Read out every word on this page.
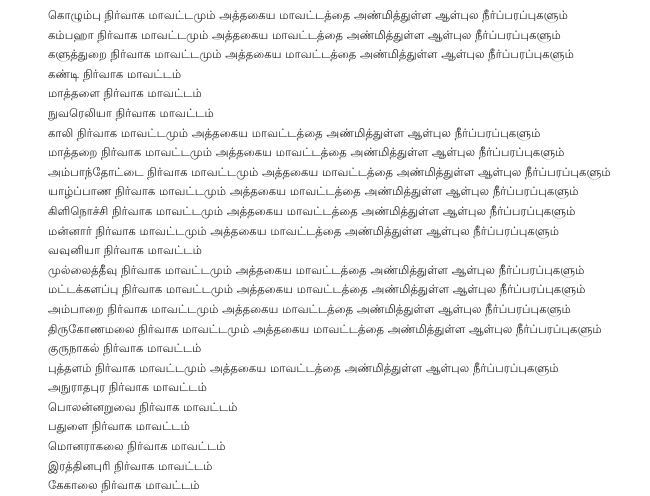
கொழும்பு நிர்வாக மாவட்டமும் அத்தகைய மாவட்டத்தை அண்மித்துள்ள ஆள்புல நீர்ப்பரப்புகளும்
கம்பஹா நிர்வாக மாவட்டமும் அத்தகைய மாவட்டத்தை அண்மித்துள்ள ஆள்புல நீர்ப்பரப்புகளும்
களுத்துறை நிர்வாக மாவட்டமும் அத்தகைய மாவட்டத்தை அண்மித்துள்ள ஆள்புல நீர்ப்பரப்புகளும்
கண்டி நிர்வாக மாவட்டம்
மாத்தளை நிர்வாக மாவட்டம்
நுவரெலியா நிர்வாக மாவட்டம்
காலி நிர்வாக மாவட்டமும் அத்தகைய மாவட்டத்தை அண்மித்துள்ள ஆள்புல நீர்ப்பரப்புகளும்
மாத்தறை நிர்வாக மாவட்டமும் அத்தகைய மாவட்டத்தை அண்மித்துள்ள ஆள்புல நீர்ப்பரப்புகளும்
அம்பாந்தோட்டை நிர்வாக மாவட்டமும் அத்தகைய மாவட்டத்தை அண்மித்துள்ள ஆள்புல நீர்ப்பரப்புகளும்
யாழ்ப்பாண நிர்வாக மாவட்டமும் அத்தகைய மாவட்டத்தை அண்மித்துள்ள ஆள்புல நீர்ப்பரப்புகளும்
கிளிநொச்சி நிர்வாக மாவட்டமும் அத்தகைய மாவட்டத்தை அண்மித்துள்ள ஆள்புல நீர்ப்பரப்புகளும்
மன்னார் நிர்வாக மாவட்டமும் அத்தகைய மாவட்டத்தை அண்மித்துள்ள ஆள்புல நீர்ப்பரப்புகளும்
வவுனியா நிர்வாக மாவட்டம்
முல்லைத்தீவு நிர்வாக மாவட்டமும் அத்தகைய மாவட்டத்தை அண்மித்துள்ள ஆள்புல நீர்ப்பரப்புகளும்
மட்டக்களப்பு நிர்வாக மாவட்டமும் அத்தகைய மாவட்டத்தை அண்மித்துள்ள ஆள்புல நீர்ப்பரப்புகளும்
அம்பாறை நிர்வாக மாவட்டமும் அத்தகைய மாவட்டத்தை அண்மித்துள்ள ஆள்புல நீர்ப்பரப்புகளும்
திருகோணமலை நிர்வாக மாவட்டமும் அத்தகைய மாவட்டத்தை அண்மித்துள்ள ஆள்புல நீர்ப்பரப்புகளும்
குருநாகல் நிர்வாக மாவட்டம்
புத்தளம் நிர்வாக மாவட்டமும் அத்தகைய மாவட்டத்தை அண்மித்துள்ள ஆள்புல நீர்ப்பரப்புகளும்
அநுராதபுர நிர்வாக மாவட்டம்
பொலன்னறுவை நிர்வாக மாவட்டம்
பதுளை நிர்வாக மாவட்டம்
மொனராகலை நிர்வாக மாவட்டம்
இரத்தினபுரி நிர்வாக மாவட்டம்
கேகாலை நிர்வாக மாவட்டம்
